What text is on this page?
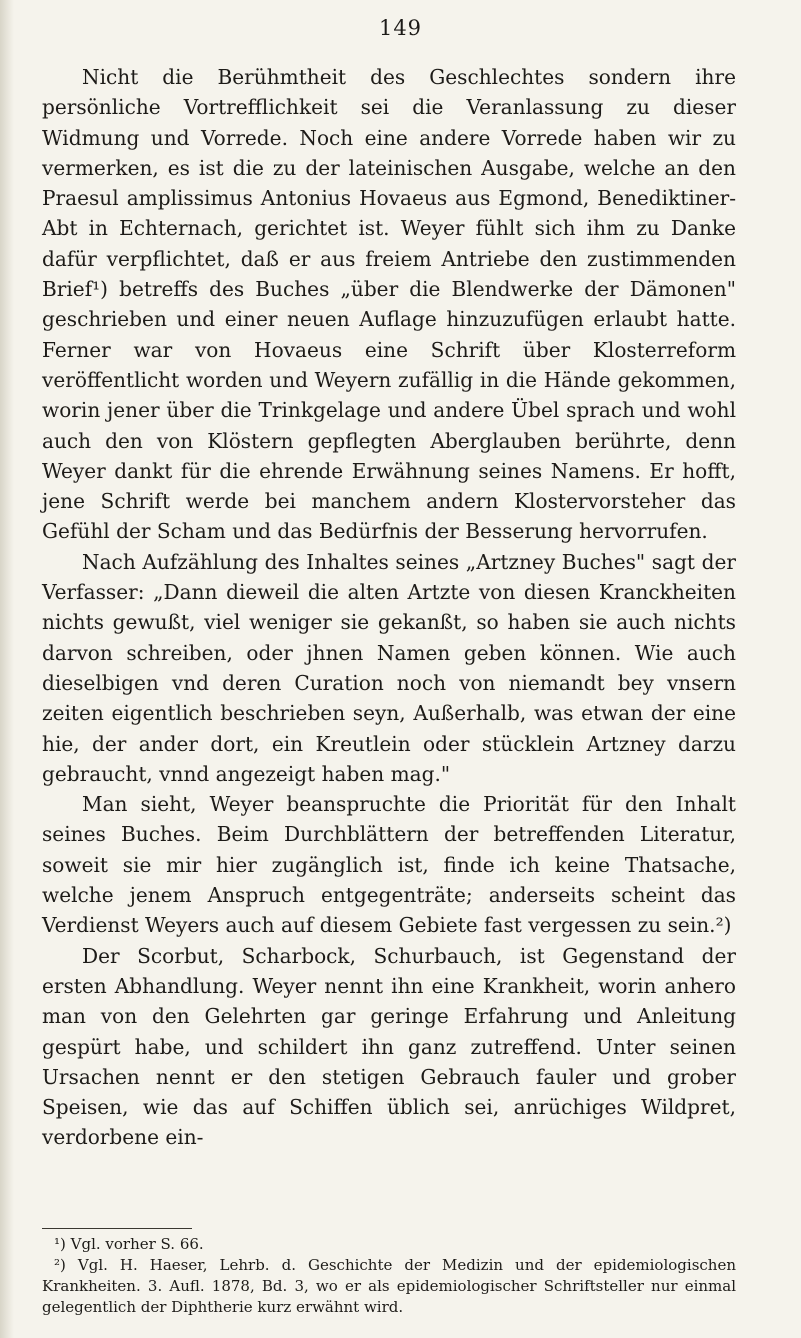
149

Nicht die Berühmtheit des Geschlechtes sondern ihre persönliche Vortrefflichkeit sei die Veranlassung zu dieser Widmung und Vorrede. Noch eine andere Vorrede haben wir zu vermerken, es ist die zu der lateinischen Ausgabe, welche an den Praesul amplissimus Antonius Hovaeus aus Egmond, Benediktiner-Abt in Echternach, gerichtet ist. Weyer fühlt sich ihm zu Danke dafür verpflichtet, daß er aus freiem Antriebe den zustimmenden Brief¹) betreffs des Buches „über die Blendwerke der Dämonen" geschrieben und einer neuen Auflage hinzuzufügen erlaubt hatte. Ferner war von Hovaeus eine Schrift über Klosterreform veröffentlicht worden und Weyern zufällig in die Hände gekommen, worin jener über die Trinkgelage und andere Übel sprach und wohl auch den von Klöstern gepflegten Aberglauben berührte, denn Weyer dankt für die ehrende Erwähnung seines Namens. Er hofft, jene Schrift werde bei manchem andern Klostervorsteher das Gefühl der Scham und das Bedürfnis der Besserung hervorrufen.

Nach Aufzählung des Inhaltes seines „Artzney Buches" sagt der Verfasser: „Dann dieweil die alten Artzte von diesen Kranckheiten nichts gewußt, viel weniger sie gekanßt, so haben sie auch nichts darvon schreiben, oder jhnen Namen geben können. Wie auch dieselbigen vnd deren Curation noch von niemandt bey vnsern zeiten eigentlich beschrieben seyn, Außerhalb, was etwan der eine hie, der ander dort, ein Kreutlein oder stücklein Artzney darzu gebraucht, vnnd angezeigt haben mag."

Man sieht, Weyer beanspruchte die Priorität für den Inhalt seines Buches. Beim Durchblättern der betreffenden Literatur, soweit sie mir hier zugänglich ist, finde ich keine Thatsache, welche jenem Anspruch entgegenträte; anderseits scheint das Verdienst Weyers auch auf diesem Gebiete fast vergessen zu sein.²)

Der Scorbut, Scharbock, Schurbauch, ist Gegenstand der ersten Abhandlung. Weyer nennt ihn eine Krankheit, worin anhero man von den Gelehrten gar geringe Erfahrung und Anleitung gespürt habe, und schildert ihn ganz zutreffend. Unter seinen Ursachen nennt er den stetigen Gebrauch fauler und grober Speisen, wie das auf Schiffen üblich sei, anrüchiges Wildpret, verdorbene ein-

¹) Vgl. vorher S. 66.

²) Vgl. H. Haeser, Lehrb. d. Geschichte der Medizin und der epidemiologischen Krankheiten. 3. Aufl. 1878, Bd. 3, wo er als epidemiologischer Schriftsteller nur einmal gelegentlich der Diphtherie kurz erwähnt wird.
